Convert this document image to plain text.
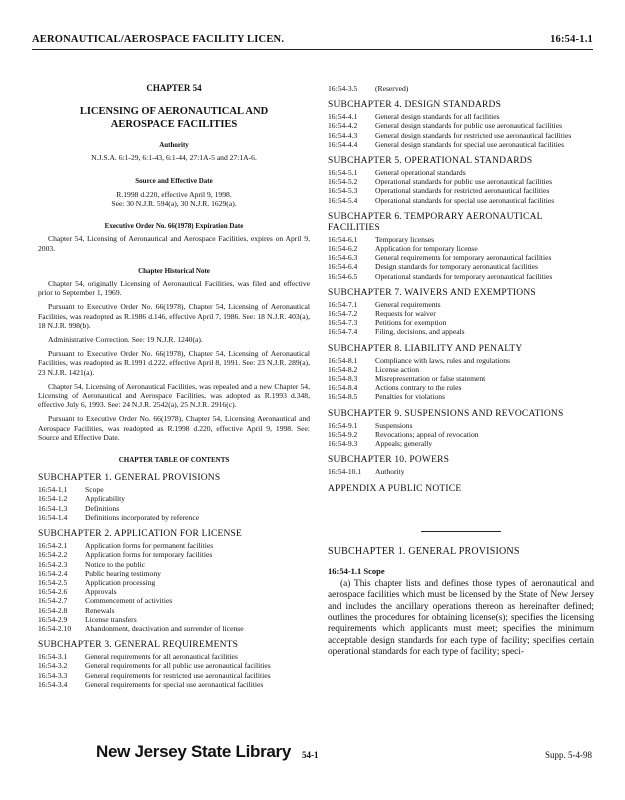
AERONAUTICAL/AEROSPACE FACILITY LICEN.	16:54-1.1
CHAPTER 54
LICENSING OF AERONAUTICAL AND
AEROSPACE FACILITIES
Authority
N.J.S.A. 6:1-29, 6:1-43, 6:1-44, 27:1A-5 and 27:1A-6.
Source and Effective Date
R.1998 d.220, effective April 9, 1998.
See: 30 N.J.R. 594(a), 30 N.J.R. 1629(a).
Executive Order No. 66(1978) Expiration Date

Chapter 54, Licensing of Aeronautical and Aerospace Facilities, expires on April 9, 2003.

Chapter Historical Note

Chapter 54, originally Licensing of Aeronautical Facilities, was filed and effective prior to September 1, 1969.

Pursuant to Executive Order No. 66(1978), Chapter 54, Licensing of Aeronautical Facilities, was readopted as R.1986 d.146, effective April 7, 1986. See: 18 N.J.R. 403(a), 18 N.J.R. 998(b).

Administrative Correction. See: 19 N.J.R. 1240(a).

Pursuant to Executive Order No. 66(1978), Chapter 54, Licensing of Aeronautical Facilities, was readopted as R.1991 d.222, effective April 8, 1991. See: 23 N.J.R. 289(a), 23 N.J.R. 1421(a).

Chapter 54, Licensing of Aeronautical Facilities, was repealed and a new Chapter 54, Licensing of Aeronautical and Aerospace Facilities, was adopted as R.1993 d.348, effective July 6, 1993. See: 24 N.J.R. 2542(a), 25 N.J.R. 2916(c).

Pursuant to Executive Order No. 66(1978), Chapter 54, Licensing Aeronautical and Aerospace Facilities, was readopted as R.1998 d.220, effective April 9, 1998. See: Source and Effective Date.

CHAPTER TABLE OF CONTENTS
SUBCHAPTER 1. GENERAL PROVISIONS
16:54-1.1	Scope
16:54-1.2	Applicability
16:54-1.3	Definitions
16:54-1.4	Definitions incorporated by reference
SUBCHAPTER 2. APPLICATION FOR LICENSE
16:54-2.1	Application forms for permanent facilities
16:54-2.2	Application forms for temporary facilities
16:54-2.3	Notice to the public
16:54-2.4	Public hearing testimony
16:54-2.5	Application processing
16:54-2.6	Approvals
16:54-2.7	Commencement of activities
16:54-2.8	Renewals
16:54-2.9	License transfers
16:54-2.10	Abandonment, deactivation and surrender of license
SUBCHAPTER 3. GENERAL REQUIREMENTS
16:54-3.1	General requirements for all aeronautical facilities
16:54-3.2	General requirements for all public use aeronautical facilities
16:54-3.3	General requirements for restricted use aeronautical facilities
16:54-3.4	General requirements for special use aeronautical facilities
16:54-3.5	(Reserved)
SUBCHAPTER 4. DESIGN STANDARDS
16:54-4.1	General design standards for all facilities
16:54-4.2	General design standards for public use aeronautical facilities
16:54-4.3	General design standards for restricted use aeronautical facilities
16:54-4.4	General design standards for special use aeronautical facilities
SUBCHAPTER 5. OPERATIONAL STANDARDS
16:54-5.1	General operational standards
16:54-5.2	Operational standards for public use aeronautical facilities
16:54-5.3	Operational standards for restricted aeronautical facilities
16:54-5.4	Operational standards for special use aeronautical facilities
SUBCHAPTER 6. TEMPORARY AERONAUTICAL FACILITIES
16:54-6.1	Temporary licenses
16:54-6.2	Application for temporary license
16:54-6.3	General requirements for temporary aeronautical facilities
16:54-6.4	Design standards for temporary aeronautical facilities
16:54-6.5	Operational standards for temporary aeronautical facilities
SUBCHAPTER 7. WAIVERS AND EXEMPTIONS
16:54-7.1	General requirements
16:54-7.2	Requests for waiver
16:54-7.3	Petitions for exemption
16:54-7.4	Filing, decisions, and appeals
SUBCHAPTER 8. LIABILITY AND PENALTY
16:54-8.1	Compliance with laws, rules and regulations
16:54-8.2	License action
16:54-8.3	Misrepresentation or false statement
16:54-8.4	Actions contrary to the rules
16:54-8.5	Penalties for violations
SUBCHAPTER 9. SUSPENSIONS AND REVOCATIONS
16:54-9.1	Suspensions
16:54-9.2	Revocations; appeal of revocation
16:54-9.3	Appeals; generally
SUBCHAPTER 10. POWERS
16:54-10.1	Authority
APPENDIX A PUBLIC NOTICE
SUBCHAPTER 1. GENERAL PROVISIONS
16:54-1.1 Scope

(a) This chapter lists and defines those types of aeronautical and aerospace facilities which must be licensed by the State of New Jersey and includes the ancillary operations thereon as hereinafter defined; outlines the procedures for obtaining license(s); specifies the licensing requirements which applicants must meet; specifies the minimum acceptable design standards for each type of facility; specifies certain operational standards for each type of facility; speci-

New Jersey State Library 54-1	Supp. 5-4-98
